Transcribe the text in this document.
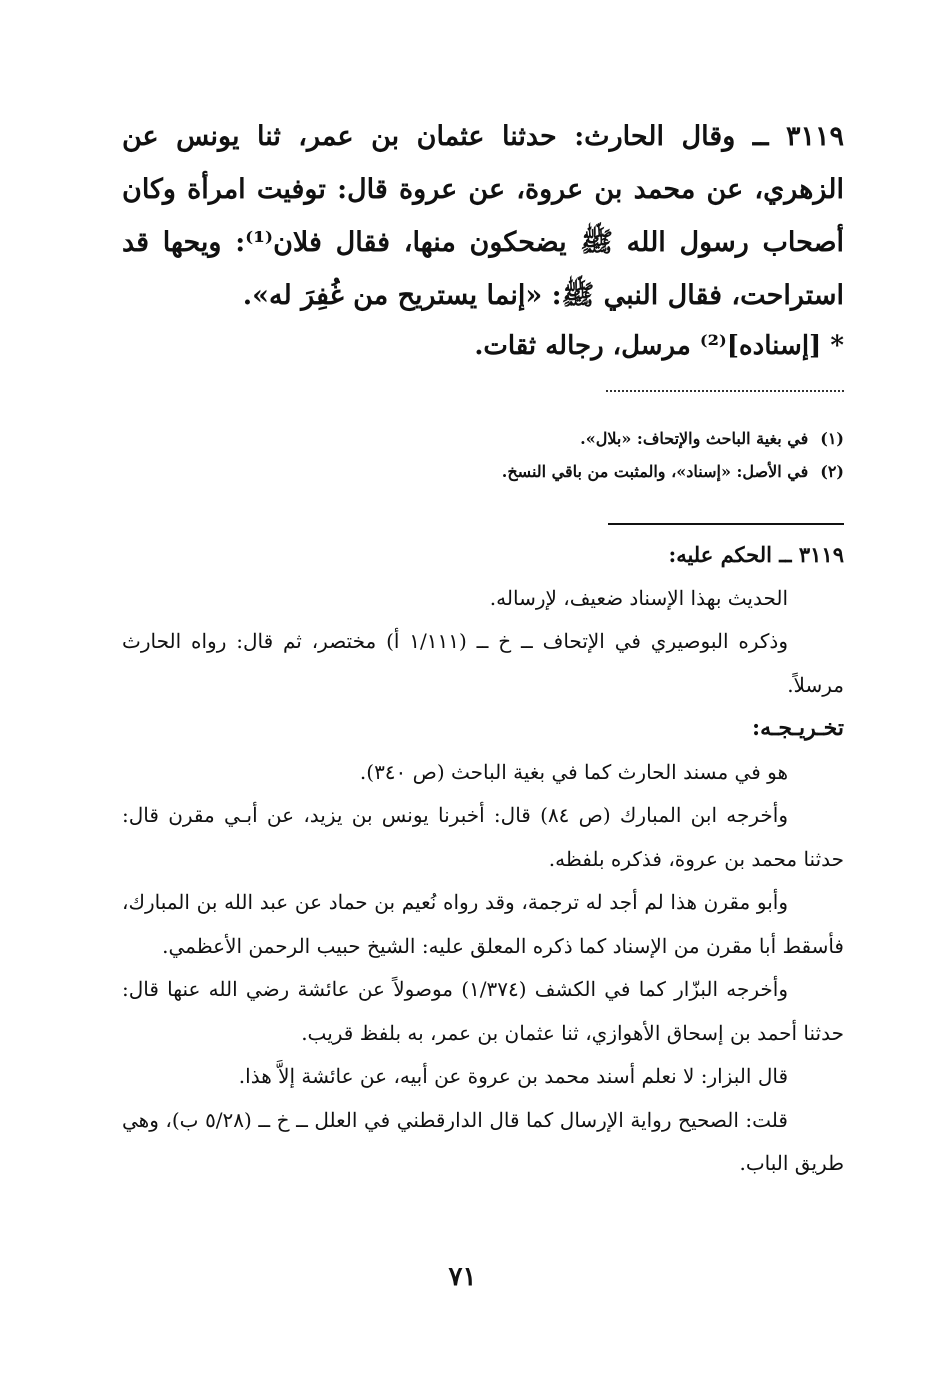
٣١١٩ ــ وقال الحارث: حدثنا عثمان بن عمر، ثنا يونس عن الزهري، عن محمد بن عروة، عن عروة قال: توفيت امرأة وكان أصحاب رسول الله ﷺ يضحكون منها، فقال فلان⁽¹⁾: ويحها قد استراحت، فقال النبي ﷺ: «إنما يستريح من غُفِرَ له».

* [إسناده]⁽²⁾ مرسل، رجاله ثقات.

(١)في بغية الباحث والإتحاف: «بلال».

(٢)في الأصل: «إسناد»، والمثبت من باقي النسخ.

٣١١٩ ــ الحكم عليه:

الحديث بهذا الإسناد ضعيف، لإرساله.

وذكره البوصيري في الإتحاف ــ خ ــ (١/١١١ أ) مختصر، ثم قال: رواه الحارث مرسلاً.

تخـريـجـه:

هو في مسند الحارث كما في بغية الباحث (ص ٣٤٠).

وأخرجه ابن المبارك (ص ٨٤) قال: أخبرنا يونس بن يزيد، عن أبـي مقرن قال: حدثنا محمد بن عروة، فذكره بلفظه.

وأبو مقرن هذا لم أجد له ترجمة، وقد رواه نُعيم بن حماد عن عبد الله بن المبارك، فأسقط أبا مقرن من الإسناد كما ذكره المعلق عليه: الشيخ حبيب الرحمن الأعظمي.

وأخرجه البزّار كما في الكشف (١/٣٧٤) موصولاً عن عائشة رضي الله عنها قال: حدثنا أحمد بن إسحاق الأهوازي، ثنا عثمان بن عمر، به بلفظ قريب.

قال البزار: لا نعلم أسند محمد بن عروة عن أبيه، عن عائشة إلاَّ هذا.

قلت: الصحيح رواية الإرسال كما قال الدارقطني في العلل ــ خ ــ (٥/٢٨ ب)، وهي طريق الباب.

٧١
